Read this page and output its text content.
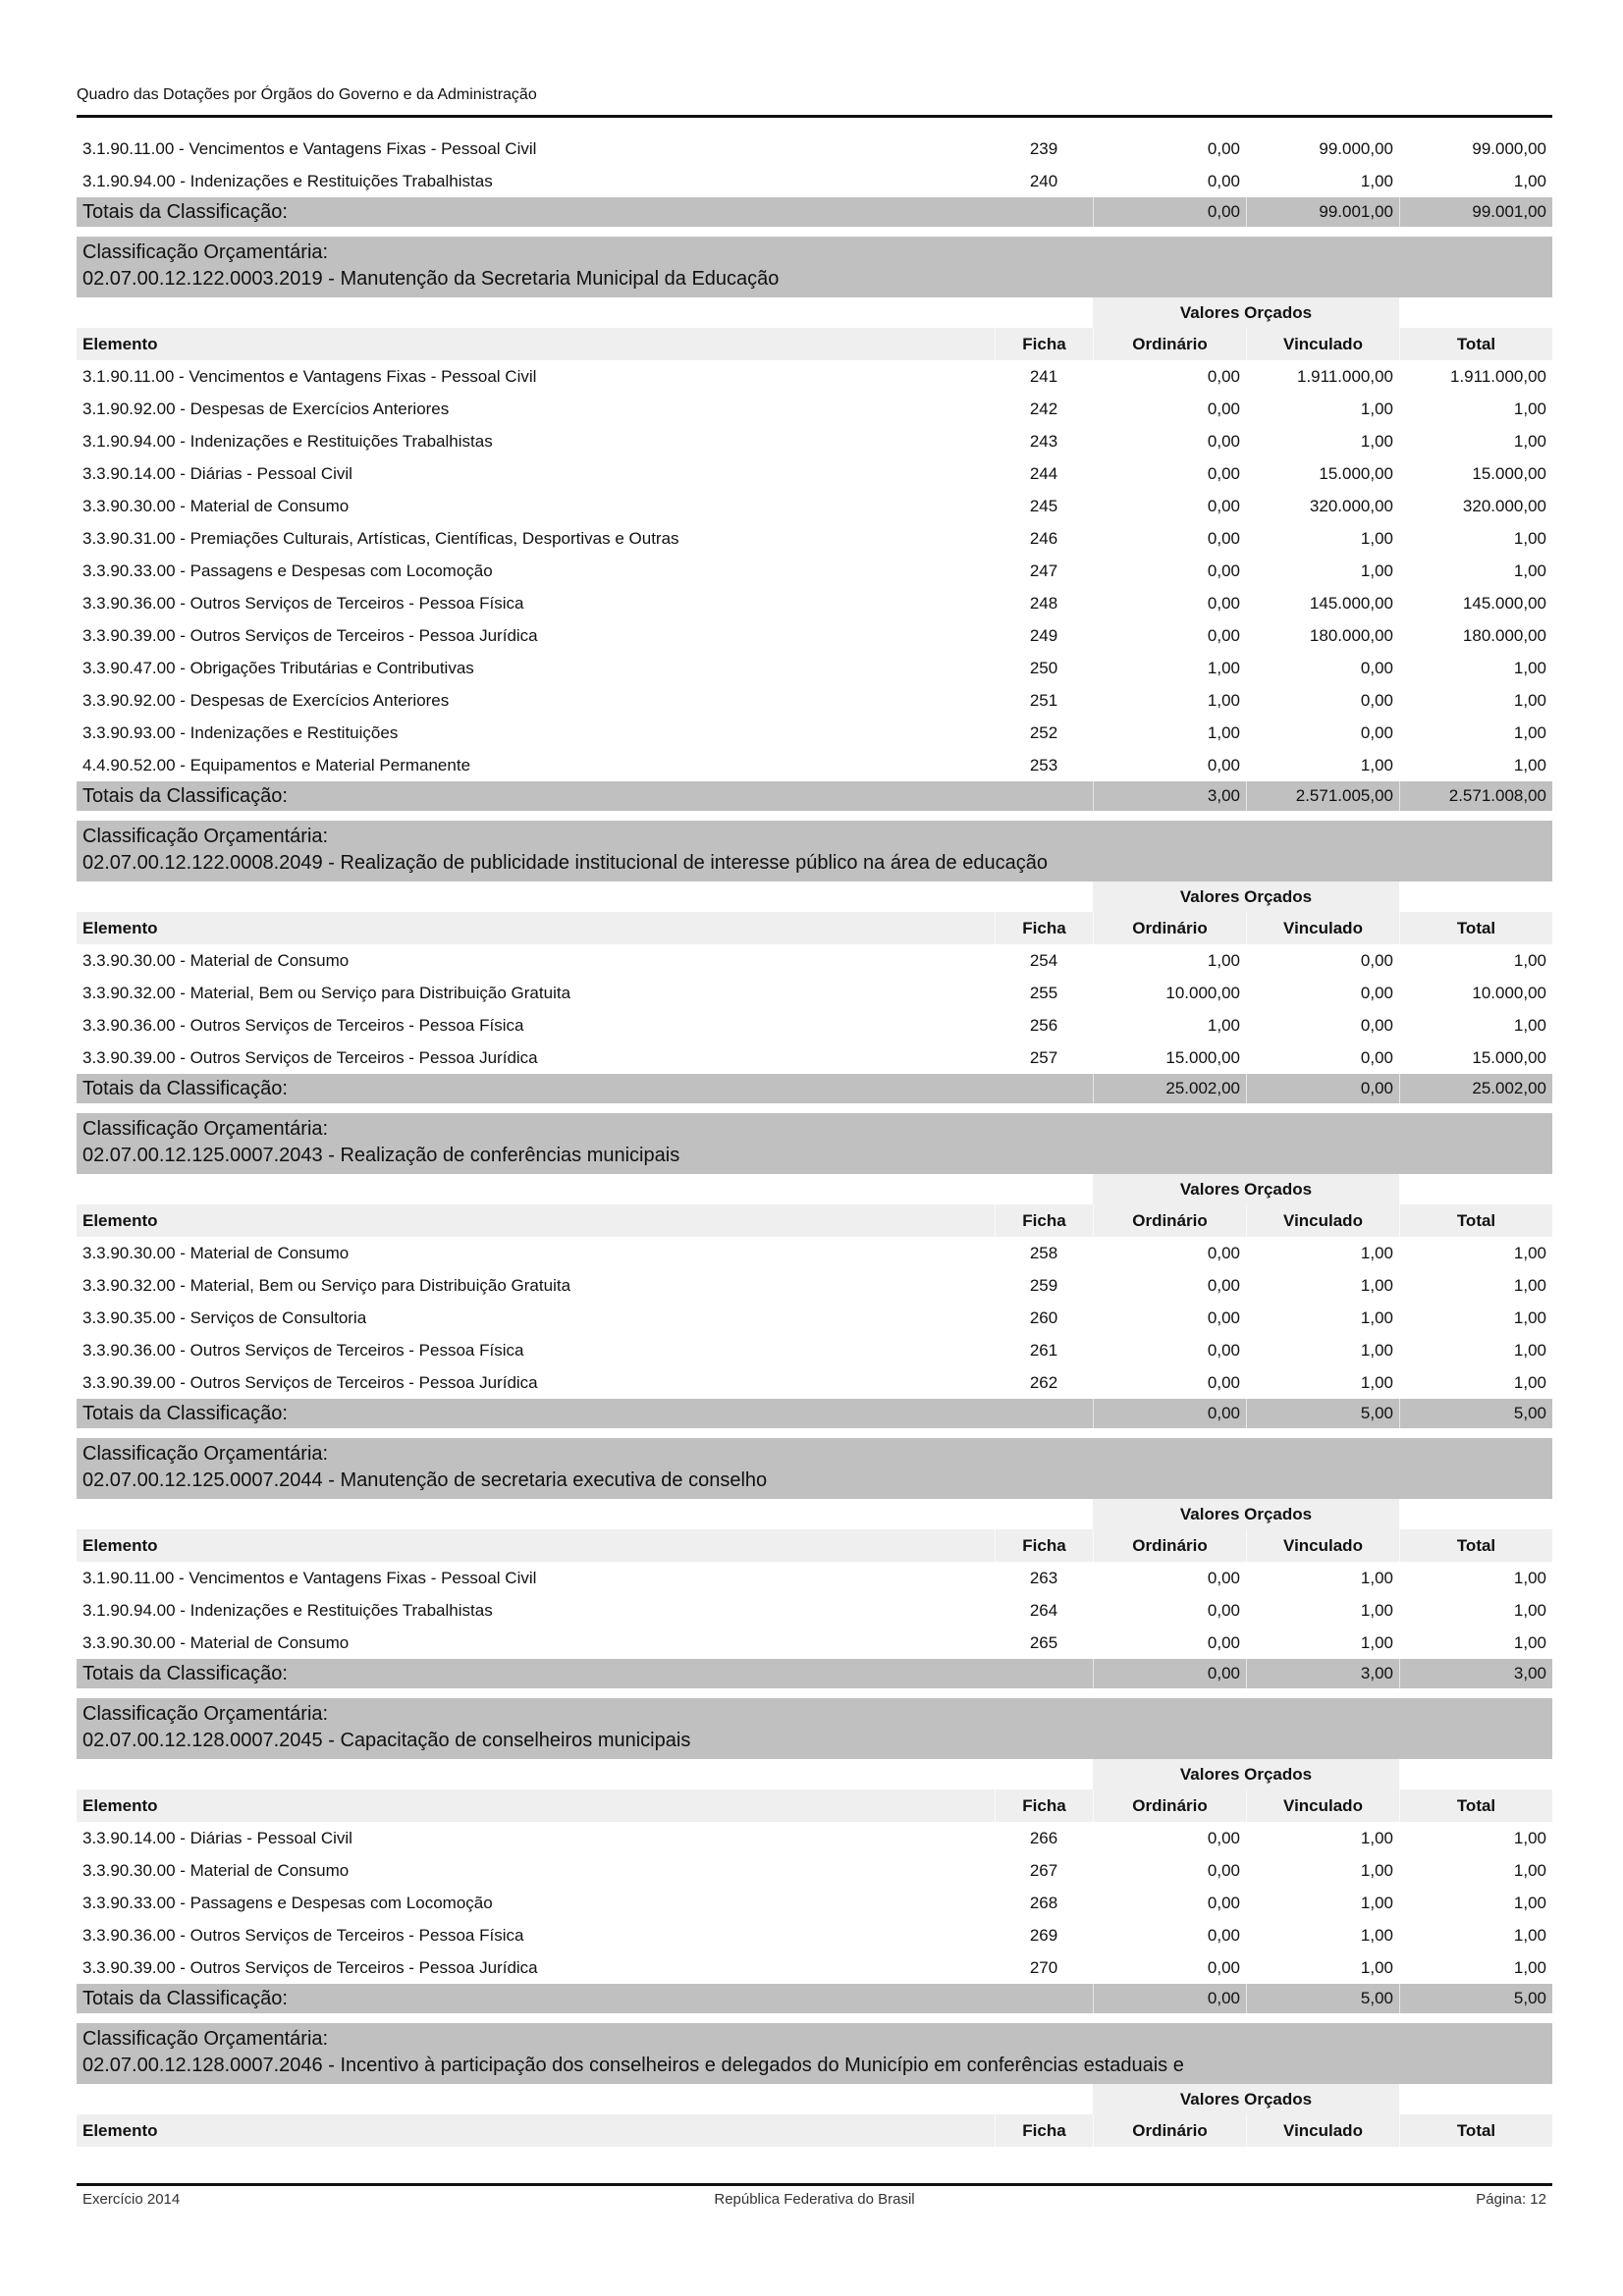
Quadro das Dotações por Órgãos do Governo e da Administração
3.1.90.11.00 - Vencimentos e Vantagens Fixas - Pessoal Civil	239	0,00	99.000,00	99.000,00
3.1.90.94.00 - Indenizações e Restituições Trabalhistas	240	0,00	1,00	1,00
Totais da Classificação:		0,00	99.001,00	99.001,00

Classificação Orçamentária:
02.07.00.12.122.0003.2019 - Manutenção da Secretaria Municipal da Educação				

		Valores Orçados		
Elemento	Ficha	Ordinário	Vinculado	Total
3.1.90.11.00 - Vencimentos e Vantagens Fixas - Pessoal Civil	241	0,00	1.911.000,00	1.911.000,00
3.1.90.92.00 - Despesas de Exercícios Anteriores	242	0,00	1,00	1,00
3.1.90.94.00 - Indenizações e Restituições Trabalhistas	243	0,00	1,00	1,00
3.3.90.14.00 - Diárias - Pessoal Civil	244	0,00	15.000,00	15.000,00
3.3.90.30.00 - Material de Consumo	245	0,00	320.000,00	320.000,00
3.3.90.31.00 - Premiações Culturais, Artísticas, Científicas, Desportivas e Outras	246	0,00	1,00	1,00
3.3.90.33.00 - Passagens e Despesas com Locomoção	247	0,00	1,00	1,00
3.3.90.36.00 - Outros Serviços de Terceiros - Pessoa Física	248	0,00	145.000,00	145.000,00
3.3.90.39.00 - Outros Serviços de Terceiros - Pessoa Jurídica	249	0,00	180.000,00	180.000,00
3.3.90.47.00 - Obrigações Tributárias e Contributivas	250	1,00	0,00	1,00
3.3.90.92.00 - Despesas de Exercícios Anteriores	251	1,00	0,00	1,00
3.3.90.93.00 - Indenizações e Restituições	252	1,00	0,00	1,00
4.4.90.52.00 - Equipamentos e Material Permanente	253	0,00	1,00	1,00
Totais da Classificação:		3,00	2.571.005,00	2.571.008,00

Classificação Orçamentária:
02.07.00.12.122.0008.2049 - Realização de publicidade institucional de interesse público na área de educação				

		Valores Orçados		
Elemento	Ficha	Ordinário	Vinculado	Total
3.3.90.30.00 - Material de Consumo	254	1,00	0,00	1,00
3.3.90.32.00 - Material, Bem ou Serviço para Distribuição Gratuita	255	10.000,00	0,00	10.000,00
3.3.90.36.00 - Outros Serviços de Terceiros - Pessoa Física	256	1,00	0,00	1,00
3.3.90.39.00 - Outros Serviços de Terceiros - Pessoa Jurídica	257	15.000,00	0,00	15.000,00
Totais da Classificação:		25.002,00	0,00	25.002,00

Classificação Orçamentária:
02.07.00.12.125.0007.2043 - Realização de conferências municipais				

		Valores Orçados		
Elemento	Ficha	Ordinário	Vinculado	Total
3.3.90.30.00 - Material de Consumo	258	0,00	1,00	1,00
3.3.90.32.00 - Material, Bem ou Serviço para Distribuição Gratuita	259	0,00	1,00	1,00
3.3.90.35.00 - Serviços de Consultoria	260	0,00	1,00	1,00
3.3.90.36.00 - Outros Serviços de Terceiros - Pessoa Física	261	0,00	1,00	1,00
3.3.90.39.00 - Outros Serviços de Terceiros - Pessoa Jurídica	262	0,00	1,00	1,00
Totais da Classificação:		0,00	5,00	5,00

Classificação Orçamentária:
02.07.00.12.125.0007.2044 - Manutenção de secretaria executiva de conselho				

		Valores Orçados		
Elemento	Ficha	Ordinário	Vinculado	Total
3.1.90.11.00 - Vencimentos e Vantagens Fixas - Pessoal Civil	263	0,00	1,00	1,00
3.1.90.94.00 - Indenizações e Restituições Trabalhistas	264	0,00	1,00	1,00
3.3.90.30.00 - Material de Consumo	265	0,00	1,00	1,00
Totais da Classificação:		0,00	3,00	3,00

Classificação Orçamentária:
02.07.00.12.128.0007.2045 - Capacitação de conselheiros municipais				

		Valores Orçados		
Elemento	Ficha	Ordinário	Vinculado	Total
3.3.90.14.00 - Diárias - Pessoal Civil	266	0,00	1,00	1,00
3.3.90.30.00 - Material de Consumo	267	0,00	1,00	1,00
3.3.90.33.00 - Passagens e Despesas com Locomoção	268	0,00	1,00	1,00
3.3.90.36.00 - Outros Serviços de Terceiros - Pessoa Física	269	0,00	1,00	1,00
3.3.90.39.00 - Outros Serviços de Terceiros - Pessoa Jurídica	270	0,00	1,00	1,00
Totais da Classificação:		0,00	5,00	5,00

Classificação Orçamentária:
02.07.00.12.128.0007.2046 - Incentivo à participação dos conselheiros e delegados do Município em conferências estaduais e				

		Valores Orçados		
Elemento	Ficha	Ordinário	Vinculado	Total
Exercício 2014	República Federativa do Brasil	Página: 12
